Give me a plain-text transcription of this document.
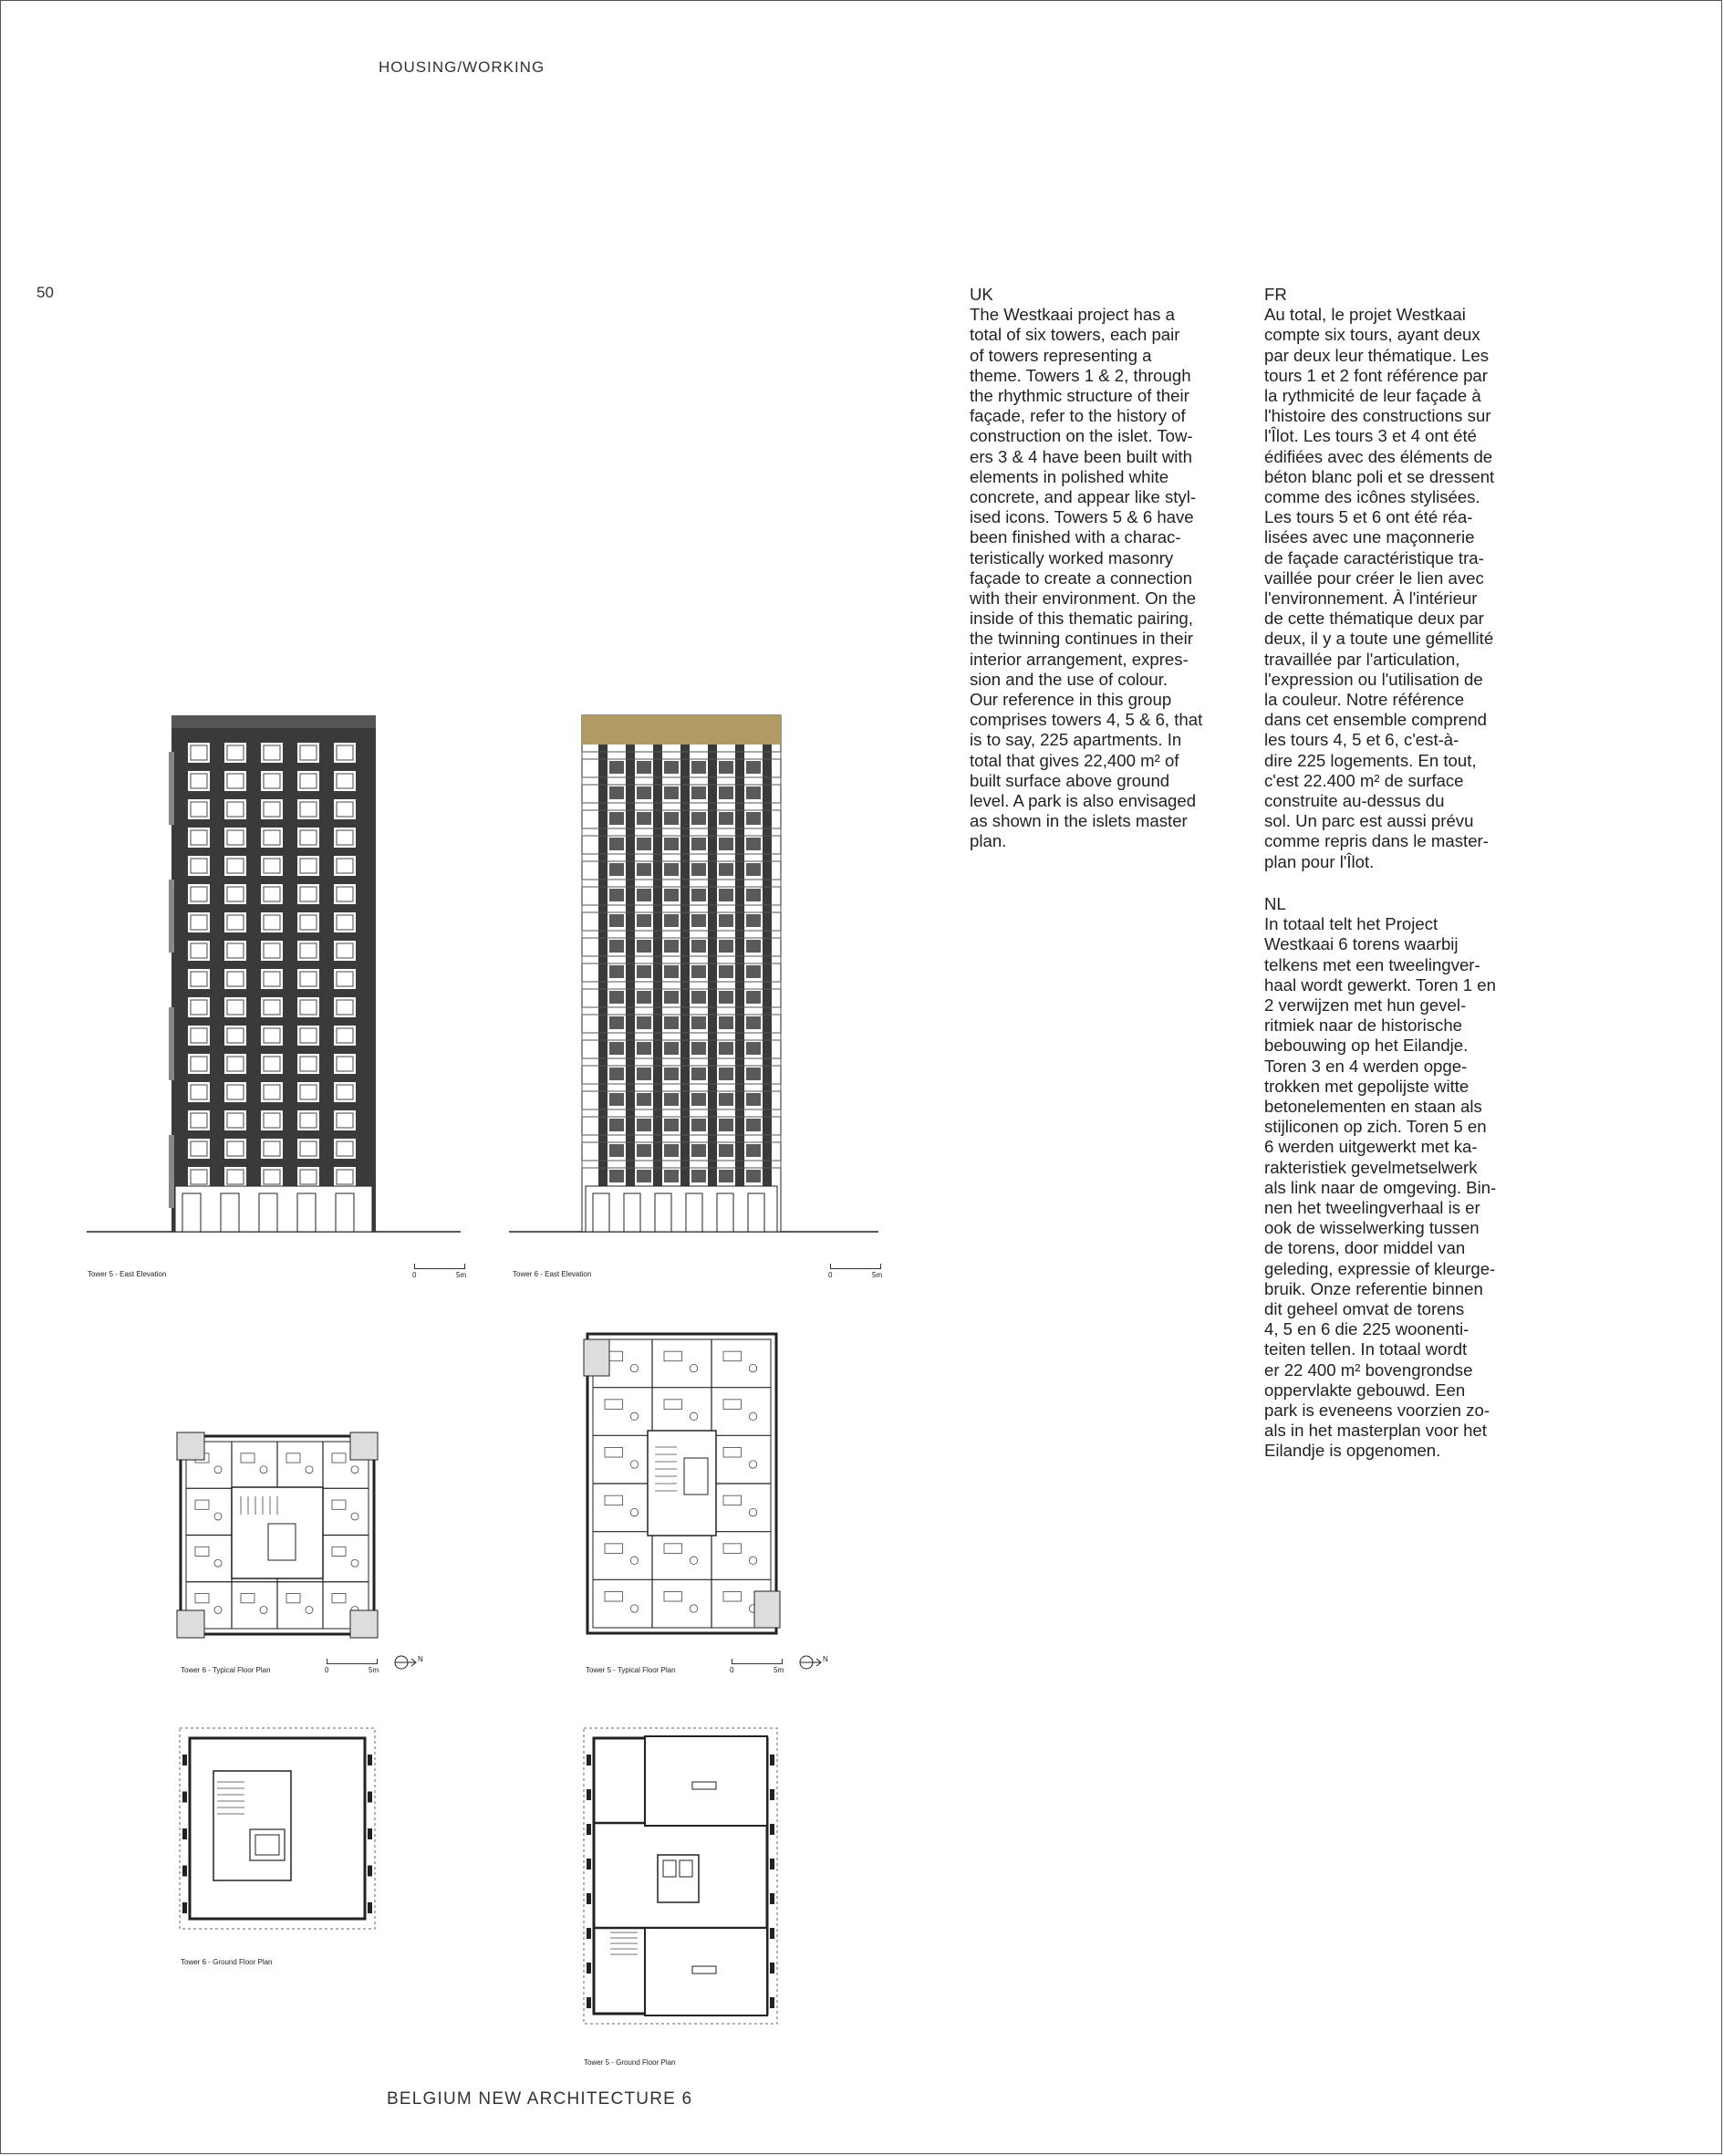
HOUSING/WORKING
50	UK
The Westkaai project has a
total of six towers, each pair
of towers representing a
theme. Towers 1 & 2, through
the rhythmic structure of their
façade, refer to the history of
construction on the islet. Tow-
ers 3 & 4 have been built with
elements in polished white
concrete, and appear like styl-
ised icons. Towers 5 & 6 have
been finished with a charac-
teristically worked masonry
façade to create a connection
with their environment. On the
inside of this thematic pairing,
the twinning continues in their
interior arrangement, expres-
sion and the use of colour.
Our reference in this group
comprises towers 4, 5 & 6, that
is to say, 225 apartments. In
total that gives 22,400 m² of
built surface above ground
level. A park is also envisaged
as shown in the islets master
plan.
FR
Au total, le projet Westkaai
compte six tours, ayant deux
par deux leur thématique. Les
tours 1 et 2 font référence par
la rythmicité de leur façade à
l'histoire des constructions sur
l'Îlot. Les tours 3 et 4 ont été
édifiées avec des éléments de
béton blanc poli et se dressent
comme des icônes stylisées.
Les tours 5 et 6 ont été réa-
lisées avec une maçonnerie
de façade caractéristique tra-
vaillée pour créer le lien avec
l'environnement. À l'intérieur
de cette thématique deux par
deux, il y a toute une gémellité
travaillée par l'articulation,
l'expression ou l'utilisation de
la couleur. Notre référence
dans cet ensemble comprend
les tours 4, 5 et 6, c'est-à-
dire 225 logements. En tout,
c'est 22.400 m² de surface
construite au-dessus du
sol. Un parc est aussi prévu
comme repris dans le master-
plan pour l'Îlot.
NL
In totaal telt het Project
Westkaai 6 torens waarbij
telkens met een tweelingver-
haal wordt gewerkt. Toren 1 en
2 verwijzen met hun gevel-
ritmiek naar de historische
bebouwing op het Eilandje.
Toren 3 en 4 werden opge-
trokken met gepolijste witte
betonelementen en staan als
stijliconen op zich. Toren 5 en
6 werden uitgewerkt met ka-
rakteristiek gevelmetselwerk
als link naar de omgeving. Bin-
nen het tweelingverhaal is er
ook de wisselwerking tussen
de torens, door middel van
geleding, expressie of kleurge-
bruik. Onze referentie binnen
dit geheel omvat de torens
4, 5 en 6 die 225 woonenti-
teiten tellen. In totaal wordt
er 22 400 m² bovengrondse
oppervlakte gebouwd. Een
park is eveneens voorzien zo-
als in het masterplan voor het
Eilandje is opgenomen.
Tower 5 - East Elevation	0	5m	Tower 6 - East Elevation	0	5m
Tower 6 - Typical Floor Plan	0	5m
N
Tower 5 - Typical Floor Plan	0	5m
N
Tower 6 - Ground Floor Plan
Tower 5 - Ground Floor Plan
BELGIUM NEW ARCHITECTURE 6
